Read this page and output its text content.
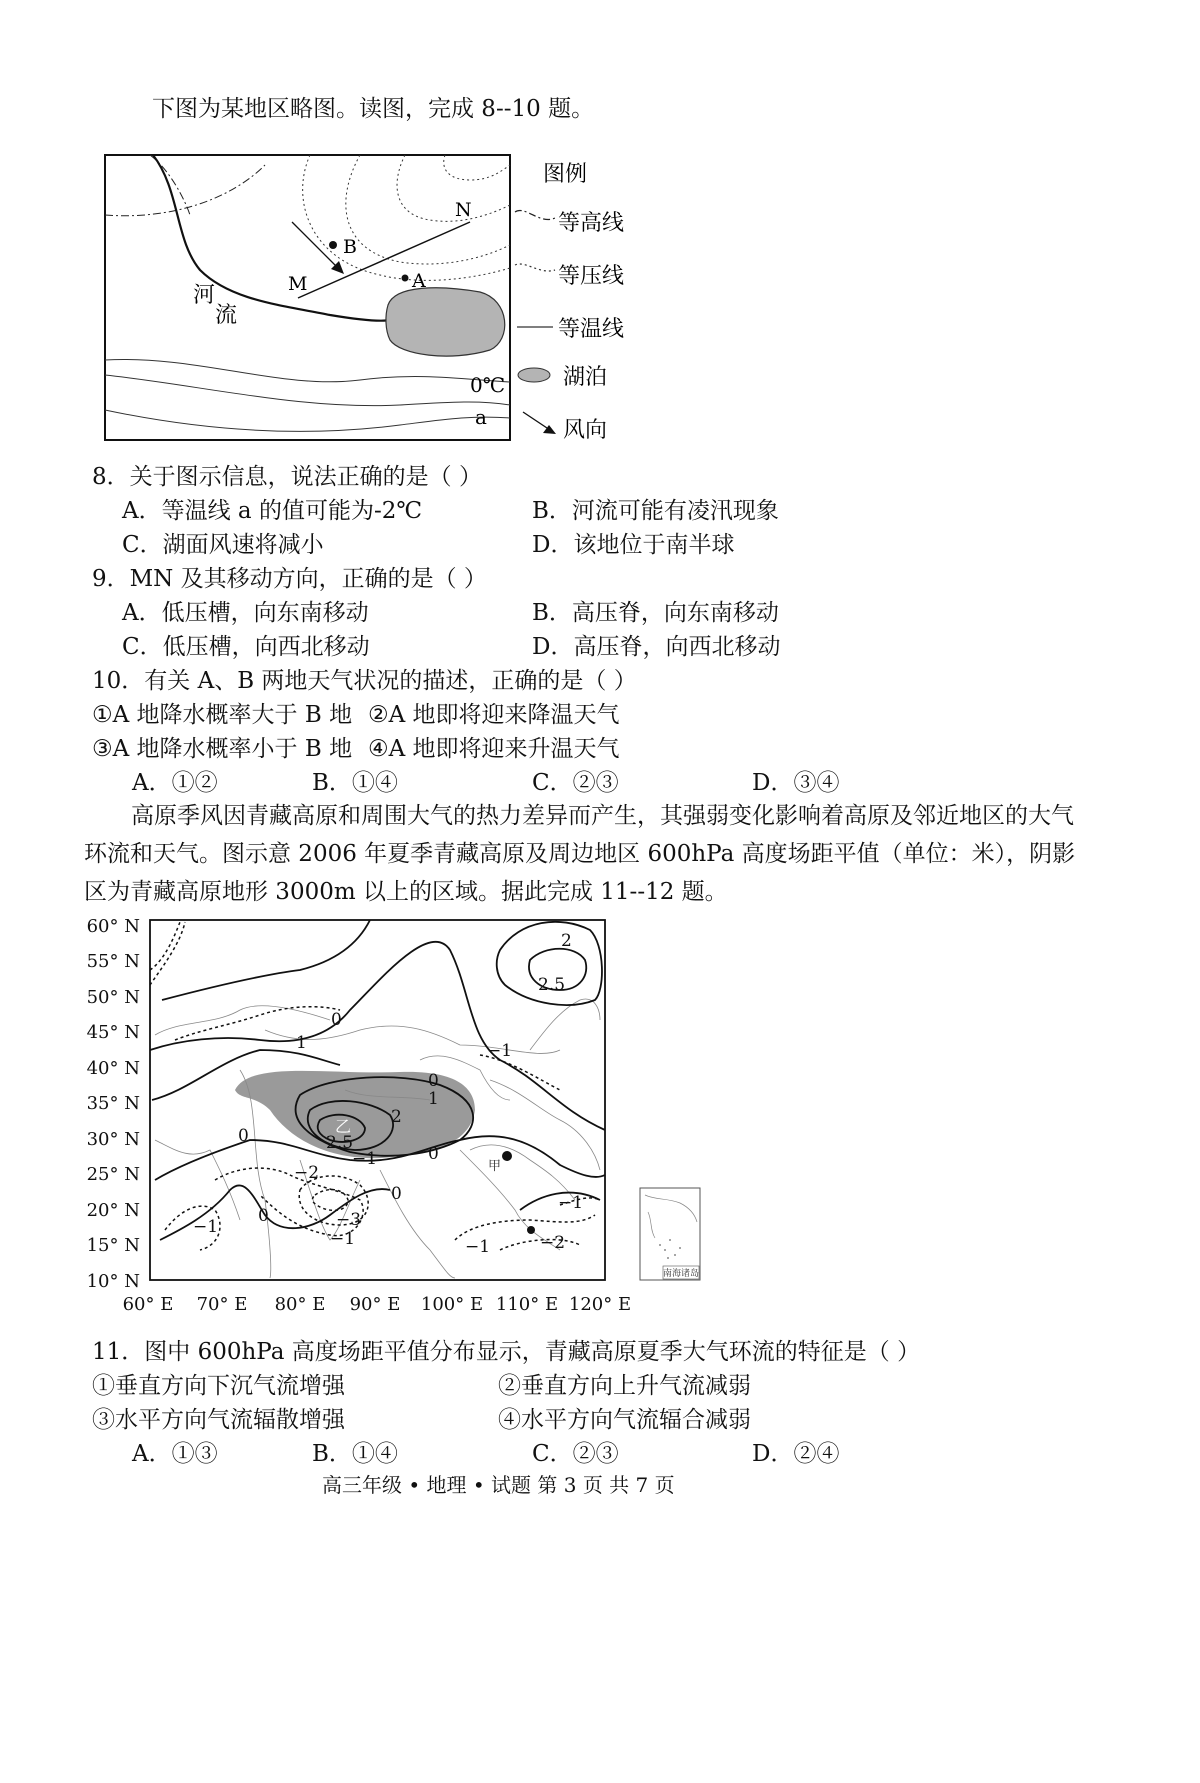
下图为某地区略图。读图，完成 8--10 题。
河
流
M
N
B
A
0℃
a
图例
等高线
等压线
等温线
湖泊
风向
8．关于图示信息，说法正确的是（ ）
A．等温线 a 的值可能为-2℃	B．河流可能有凌汛现象
C．湖面风速将减小	D．该地位于南半球
9．MN 及其移动方向，正确的是（ ）
A．低压槽，向东南移动	B．高压脊，向东南移动
C．低压槽，向西北移动	D．高压脊，向西北移动
10．有关 A、B 两地天气状况的描述，正确的是（ ）
①A 地降水概率大于 B 地 ②A 地即将迎来降温天气
③A 地降水概率小于 B 地 ④A 地即将迎来升温天气
A．①②	B．①④	C．②③	D．③④
高原季风因青藏高原和周围大气的热力差异而产生，其强弱变化影响着高原及邻近地区的大气环流和天气。图示意 2006 年夏季青藏高原及周边地区 600hPa 高度场距平值（单位：米），阴影区为青藏高原地形 3000m 以上的区域。据此完成 11--12 题。
2
2.5
0
1	−1
0
1
2
2.5
−1
0
0
−2
0
−1
0	−3
−1
−1
−1	−2
乙
甲
60° N
55° N
50° N
45° N
40° N
35° N
30° N
25° N
20° N
15° N
10° N
60° E 70° E 80° E 90° E 100° E 110° E 120° E
南海诸岛
11．图中 600hPa 高度场距平值分布显示，青藏高原夏季大气环流的特征是（ ）
①垂直方向下沉气流增强	②垂直方向上升气流减弱
③水平方向气流辐散增强	④水平方向气流辐合减弱
A．①③	B．①④	C．②③	D．②④
高三年级 • 地理 • 试题 第 3 页 共 7 页
